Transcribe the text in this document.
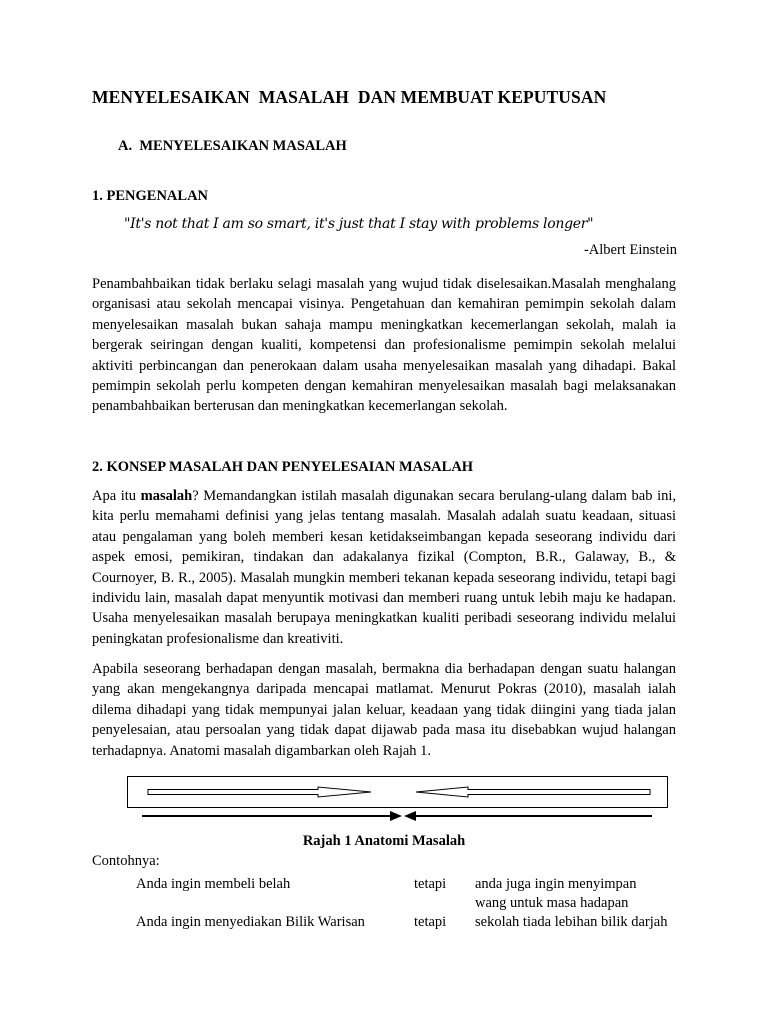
MENYELESAIKAN  MASALAH  DAN MEMBUAT KEPUTUSAN
A.  MENYELESAIKAN MASALAH
1. PENGENALAN
"It's not that I am so smart, it's just that I stay with problems longer"
-Albert Einstein

Penambahbaikan tidak berlaku selagi masalah yang wujud tidak diselesaikan.Masalah menghalang organisasi atau sekolah mencapai visinya. Pengetahuan dan kemahiran pemimpin sekolah dalam menyelesaikan masalah bukan sahaja mampu meningkatkan kecemerlangan sekolah, malah ia bergerak seiringan dengan kualiti, kompetensi dan profesionalisme pemimpin sekolah melalui aktiviti perbincangan dan penerokaan dalam usaha menyelesaikan masalah yang dihadapi. Bakal pemimpin sekolah perlu kompeten dengan kemahiran menyelesaikan masalah bagi melaksanakan penambahbaikan berterusan dan meningkatkan kecemerlangan sekolah.

2. KONSEP MASALAH DAN PENYELESAIAN MASALAH

Apa itu masalah? Memandangkan istilah masalah digunakan secara berulang-ulang dalam bab ini, kita perlu memahami definisi yang jelas tentang masalah. Masalah adalah suatu keadaan, situasi atau pengalaman yang boleh memberi kesan ketidakseimbangan kepada seseorang individu dari aspek emosi, pemikiran, tindakan dan adakalanya fizikal (Compton, B.R., Galaway, B., & Cournoyer, B. R., 2005). Masalah mungkin memberi tekanan kepada seseorang individu, tetapi bagi individu lain, masalah dapat menyuntik motivasi dan memberi ruang untuk lebih maju ke hadapan. Usaha menyelesaikan masalah berupaya meningkatkan kualiti peribadi seseorang individu melalui peningkatan profesionalisme dan kreativiti.

Apabila seseorang berhadapan dengan masalah, bermakna dia berhadapan dengan suatu halangan yang akan mengekangnya daripada mencapai matlamat. Menurut Pokras (2010), masalah ialah dilema dihadapi yang tidak mempunyai jalan keluar, keadaan yang tidak diingini yang tiada jalan penyelesaian, atau persoalan yang tidak dapat dijawab pada masa itu disebabkan wujud halangan terhadapnya. Anatomi masalah digambarkan oleh Rajah 1.

Rajah 1 Anatomi Masalah
Contohnya:
Anda ingin membeli belah	tetapi anda juga ingin menyimpan
wang untuk masa hadapan
Anda ingin menyediakan Bilik Warisan	tetapi sekolah tiada lebihan bilik darjah
